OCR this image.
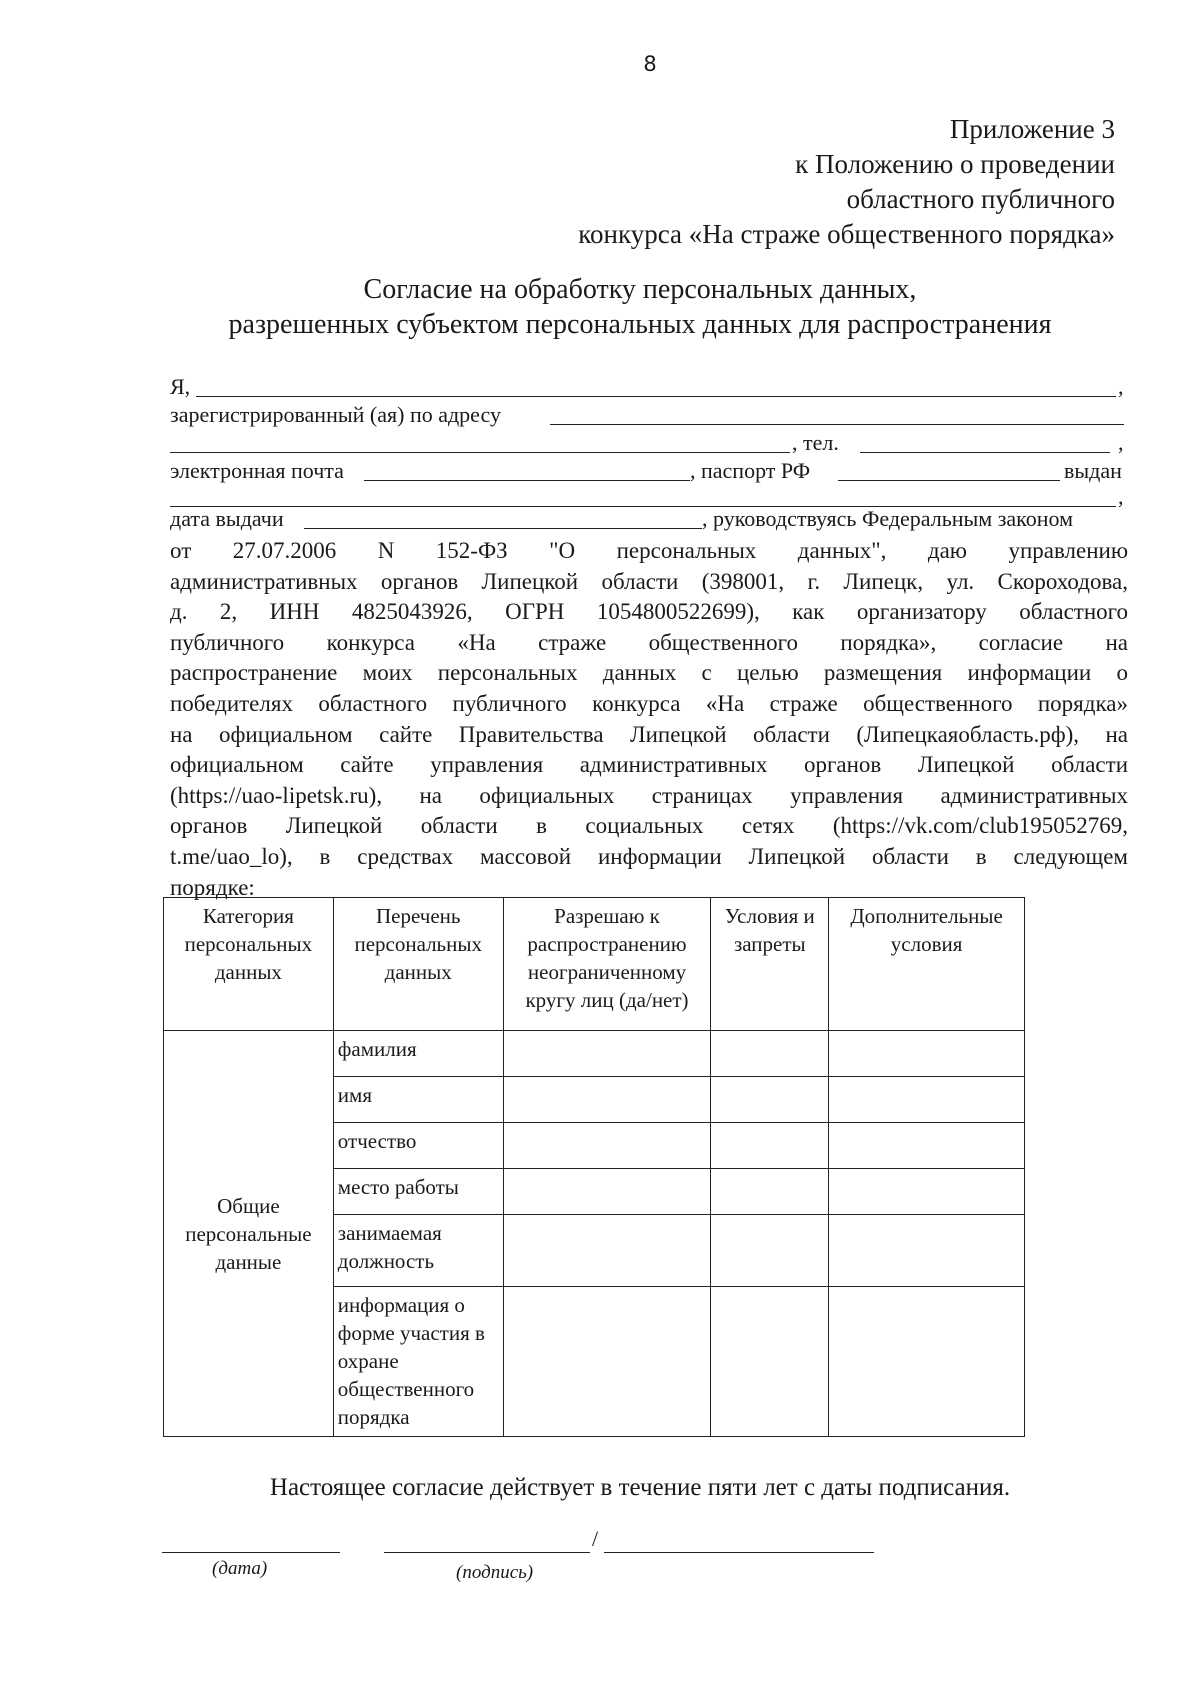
8
Приложение 3
к Положению о проведении
областного публичного
конкурса «На страже общественного порядка»
Согласие на обработку персональных данных,
разрешенных субъектом персональных данных для распространения
Я,	,
зарегистрированный (ая) по адресу
, тел.	,
электронная почта	, паспорт РФ	выдан
,
дата выдачи	, руководствуясь Федеральным законом
от 27.07.2006 N 152-ФЗ "О персональных данных", даю управлению
административных органов Липецкой области (398001, г. Липецк, ул. Скороходова,
д. 2, ИНН 4825043926, ОГРН 1054800522699), как организатору областного
публичного конкурса «На страже общественного порядка», согласие на
распространение моих персональных данных с целью размещения информации о
победителях областного публичного конкурса «На страже общественного порядка»
на официальном сайте Правительства Липецкой области (Липецкаяобласть.рф), на
официальном сайте управления административных органов Липецкой области
(https://uao-lipetsk.ru), на официальных страницах управления административных
органов Липецкой области в социальных сетях (https://vk.com/club195052769,
t.me/uao_lo), в средствах массовой информации Липецкой области в следующем
порядке:
Категория персональных данных	Перечень персональных данных	Разрешаю к распространению неограниченному кругу лиц (да/нет)	Условия и запреты	Дополнительные условия
Общие персональные данные	фамилия			
	имя			
	отчество			
	место работы			
	занимаемая должность			
	информация о форме участия в охране общественного порядка			
Настоящее согласие действует в течение пяти лет с даты подписания.
/
(дата)	(подпись)
